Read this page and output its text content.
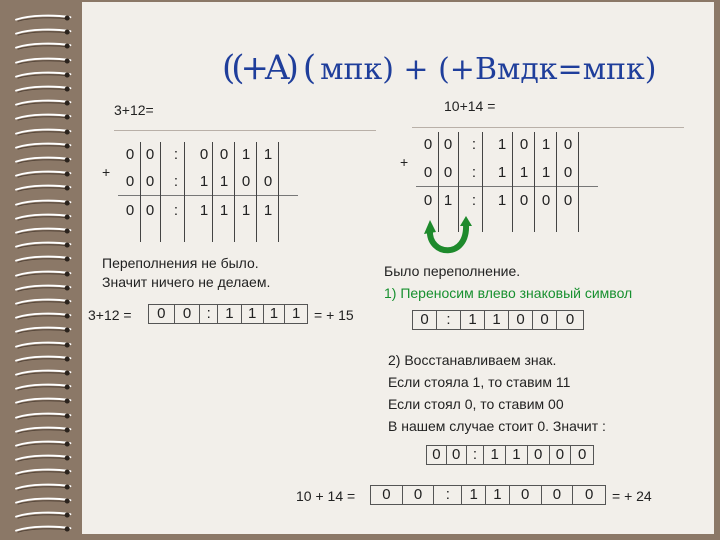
((+A) ( мпк) + (+Bмдк=мпк)
3+12=
+
0 0	:	0 0 1 1
0 0	:	1 1 0 0
0 0	:	1 1 1 1
Переполнения не было.
Значит ничего не делаем.
3+12 =	0	0	: 1 1 1 1 = + 15
10+14 =
+
0 0	:	1 0 1 0
0 0	:	1 1 1 0
0 1	:	1 0 0 0
Было переполнение.
1) Переносим влево знаковый символ
0	:	1	1	0	0	0
2) Восстанавливаем знак.
Если стояла 1, то ставим 11
Если стоял 0, то ставим 00
В нашем случае стоит 0. Значит :
0 0 : 1 1 0 0 0
10 + 14 =	0	0	:	1	1	0	0	0	= + 24
